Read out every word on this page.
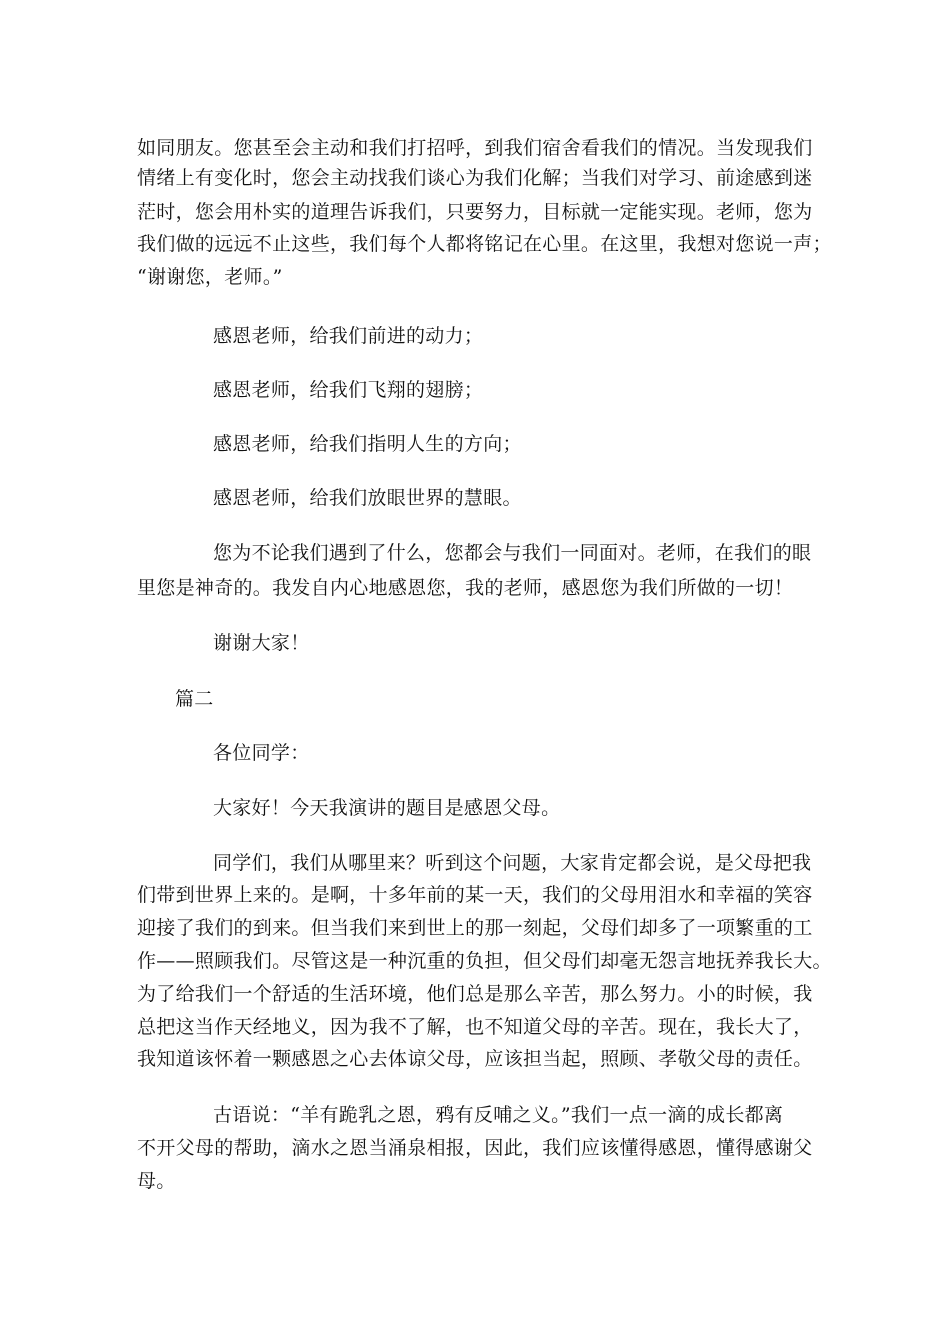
如同朋友。您甚至会主动和我们打招呼，到我们宿舍看我们的情况。当发现我们
情绪上有变化时，您会主动找我们谈心为我们化解；当我们对学习、前途感到迷
茫时，您会用朴实的道理告诉我们，只要努力，目标就一定能实现。老师，您为
我们做的远远不止这些，我们每个人都将铭记在心里。在这里，我想对您说一声；
“谢谢您，老师。”
感恩老师，给我们前进的动力；
感恩老师，给我们飞翔的翅膀；
感恩老师，给我们指明人生的方向；
感恩老师，给我们放眼世界的慧眼。
您为不论我们遇到了什么，您都会与我们一同面对。老师，在我们的眼
里您是神奇的。我发自内心地感恩您，我的老师，感恩您为我们所做的一切！
谢谢大家！
篇二
各位同学：
大家好！今天我演讲的题目是感恩父母。
同学们，我们从哪里来？听到这个问题，大家肯定都会说，是父母把我
们带到世界上来的。是啊，十多年前的某一天，我们的父母用泪水和幸福的笑容
迎接了我们的到来。但当我们来到世上的那一刻起，父母们却多了一项繁重的工
作——照顾我们。尽管这是一种沉重的负担，但父母们却毫无怨言地抚养我长大。
为了给我们一个舒适的生活环境，他们总是那么辛苦，那么努力。小的时候，我
总把这当作天经地义，因为我不了解，也不知道父母的辛苦。现在，我长大了，
我知道该怀着一颗感恩之心去体谅父母，应该担当起，照顾、孝敬父母的责任。
古语说：“羊有跪乳之恩，鸦有反哺之义。”我们一点一滴的成长都离
不开父母的帮助，滴水之恩当涌泉相报，因此，我们应该懂得感恩，懂得感谢父
母。
